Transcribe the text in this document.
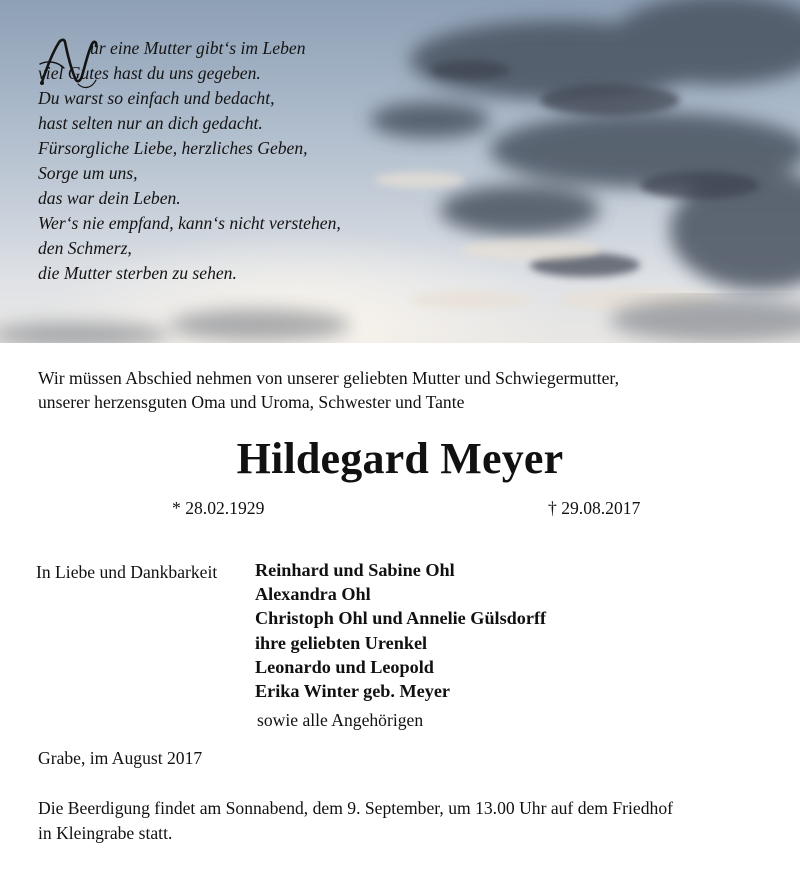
ur eine Mutter gibt‘s im Leben
viel Gutes hast du uns gegeben.
Du warst so einfach und bedacht,
hast selten nur an dich gedacht.
Fürsorgliche Liebe, herzliches Geben,
Sorge um uns,
das war dein Leben.
Wer‘s nie empfand, kann‘s nicht verstehen,
den Schmerz,
die Mutter sterben zu sehen.
Wir müssen Abschied nehmen von unserer geliebten Mutter und Schwiegermutter,
unserer herzensguten Oma und Uroma, Schwester und Tante
Hildegard Meyer
* 28.02.1929	† 29.08.2017
In Liebe und Dankbarkeit Reinhard und Sabine Ohl
Alexandra Ohl
Christoph Ohl und Annelie Gülsdorff
ihre geliebten Urenkel
Leonardo und Leopold
Erika Winter geb. Meyer
sowie alle Angehörigen
Grabe, im August 2017
Die Beerdigung findet am Sonnabend, dem 9. September, um 13.00 Uhr auf dem Friedhof
in Kleingrabe statt.
